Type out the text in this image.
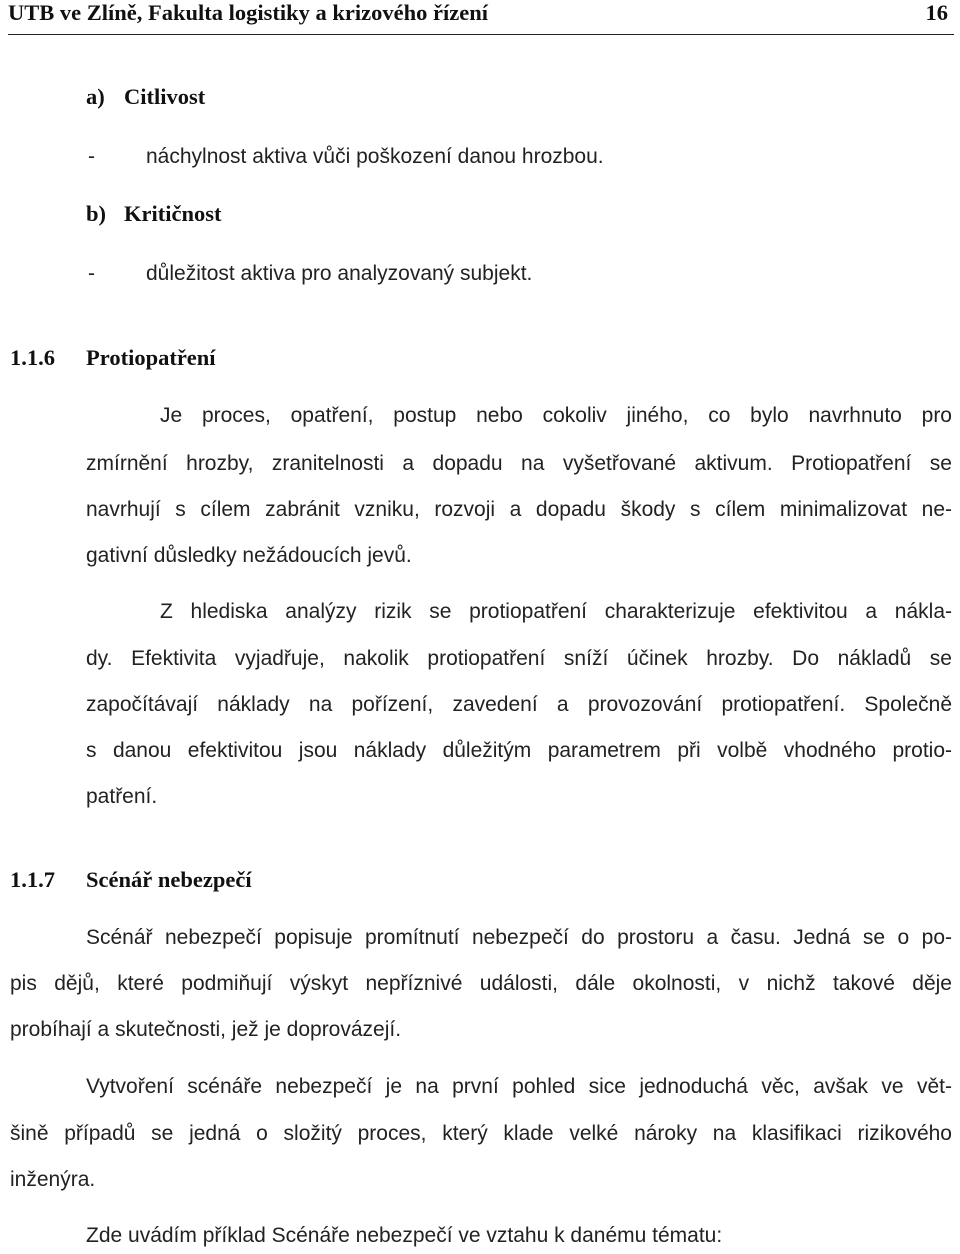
UTB ve Zlíně, Fakulta logistiky a krizového řízení	16
a) Citlivost
- náchylnost aktiva vůči poškození danou hrozbou.
b) Kritičnost
- důležitost aktiva pro analyzovaný subjekt.
1.1.6 Protiopatření
Je proces, opatření, postup nebo cokoliv jiného, co bylo navrhnuto pro
zmírnění hrozby, zranitelnosti a dopadu na vyšetřované aktivum. Protiopatření se
navrhují s cílem zabránit vzniku, rozvoji a dopadu škody s cílem minimalizovat ne-
gativní důsledky nežádoucích jevů.
Z hlediska analýzy rizik se protiopatření charakterizuje efektivitou a nákla-
dy. Efektivita vyjadřuje, nakolik protiopatření sníží účinek hrozby. Do nákladů se
započítávají náklady na pořízení, zavedení a provozování protiopatření. Společně
s danou efektivitou jsou náklady důležitým parametrem při volbě vhodného protio-
patření.
1.1.7 Scénář nebezpečí
Scénář nebezpečí popisuje promítnutí nebezpečí do prostoru a času. Jedná se o po-
pis dějů, které podmiňují výskyt nepříznivé události, dále okolnosti, v nichž takové děje
probíhají a skutečnosti, jež je doprovázejí.
Vytvoření scénáře nebezpečí je na první pohled sice jednoduchá věc, avšak ve vět-
šině případů se jedná o složitý proces, který klade velké nároky na klasifikaci rizikového
inženýra.
Zde uvádím příklad Scénáře nebezpečí ve vztahu k danému tématu:
